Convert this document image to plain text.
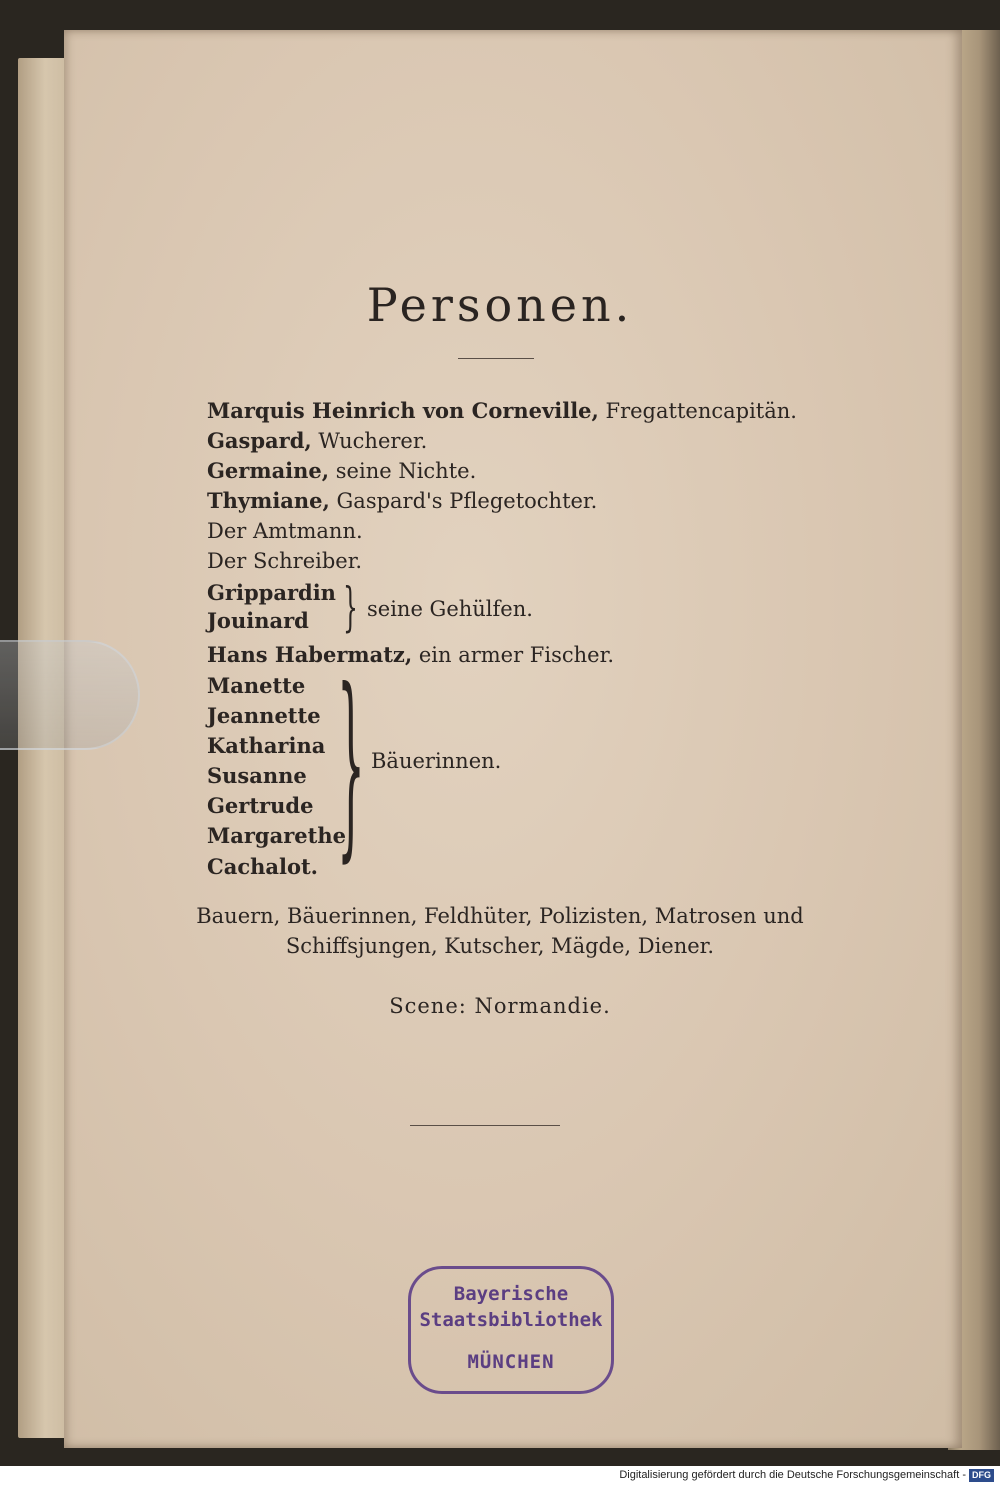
Personen.
Marquis Heinrich von Corneville, Fregattencapitän.
Gaspard, Wucherer.
Germaine, seine Nichte.
Thymiane, Gaspard's Pflegetochter.
Der Amtmann.
Der Schreiber.
Grippardin
Jouinard } seine Gehülfen.
Hans Habermatz, ein armer Fischer.
Manette
Jeannette
Katharina
Susanne
Gertrude
Margarethe
} Bäuerinnen.
Cachalot.
Bauern, Bäuerinnen, Feldhüter, Polizisten, Matrosen und
Schiffsjungen, Kutscher, Mägde, Diener.
Scene: Normandie.
Bayerische
Staatsbibliothek
MÜNCHEN
Digitalisierung gefördert durch die Deutsche Forschungsgemeinschaft - DFG
